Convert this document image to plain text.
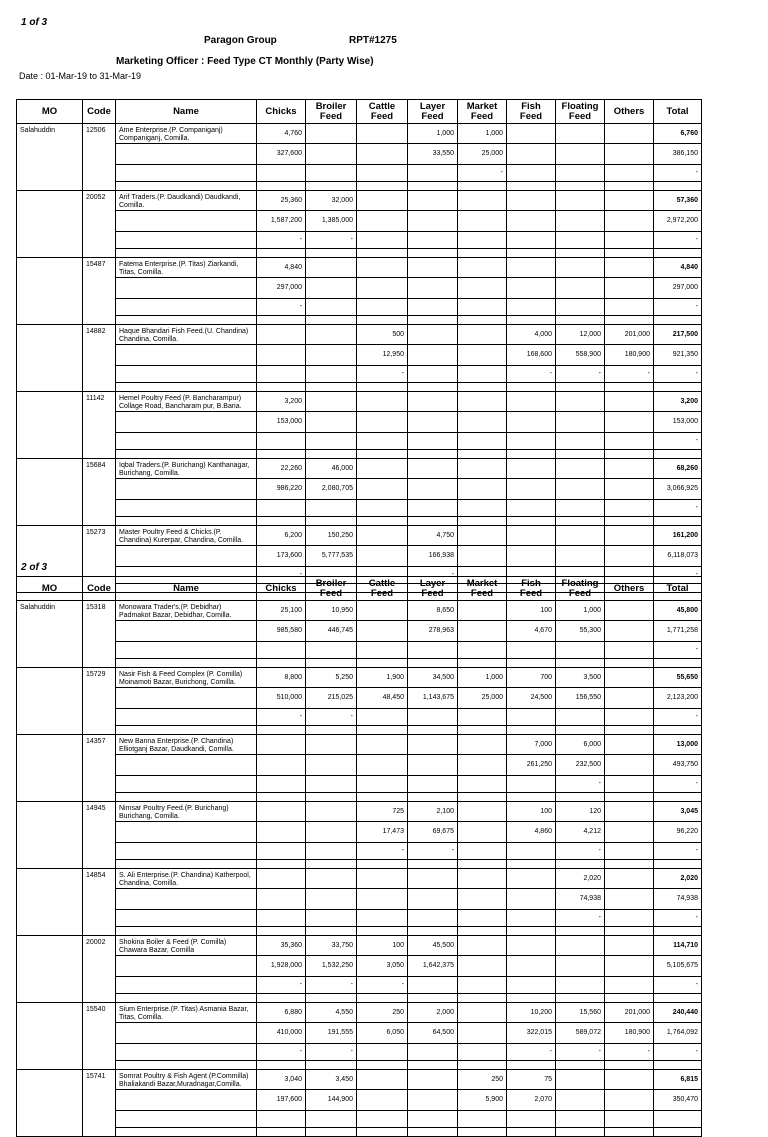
1 of 3
Paragon Group	RPT#1275
Marketing Officer : Feed Type CT Monthly (Party Wise)
Date : 01-Mar-19 to 31-Mar-19
MO	Code	Name	Chicks	Broiler Feed	Cattle Feed	Layer Feed	Market Feed	Fish Feed	Floating Feed	Others	Total
Salahuddin	12506	Ame Enterprise.(P. Companiganj) Companiganj, Comilla.	4,760			1,000	1,000				6,760
			327,600			33,550	25,000				386,150
							-				-

	20052	Arif Traders.(P. Daudkandi) Daudkandi, Comilla.	25,360	32,000							57,360
			1,587,200	1,385,000							2,972,200
			-	-							-

	15487	Fatema Enterprise.(P. Titas) Ziarkandi, Titas, Comilla.	4,840								4,840
			297,000								297,000
			-								-

	14882	Haque Bhandari Fish Feed.(U. Chandina) Chandina, Comilla.			500			4,000	12,000	201,000	217,500
					12,950			168,600	558,900	180,900	921,350
					-			-	-	-	-

	11142	Hemel Poultry Feed (P. Bancharampur) Collage Road, Bancharam pur, B.Baria.	3,200								3,200
			153,000								153,000
											-

	15684	Iqbal Traders.(P. Burichang) Kanthanagar, Burichang, Comilla.	22,260	46,000							68,260
			986,220	2,080,705							3,066,925
											-

	15273	Master Poultry Feed & Chicks.(P. Chandina) Kurerpar, Chandina, Comilla.	6,200	150,250		4,750					161,200
			173,600	5,777,535		166,938					6,118,073
			-			-					-

2 of 3
MO	Code	Name	Chicks	Broiler Feed	Cattle Feed	Layer Feed	Market Feed	Fish Feed	Floating Feed	Others	Total
Salahuddin	15318	Monowara Trader's.(P. Debidhar) Padmakot Bazar, Debidhar, Comilla.	25,100	10,950		8,650		100	1,000		45,800
			985,580	446,745		278,963		4,670	55,300		1,771,258
											-

	15729	Nasir Fish & Feed Complex (P. Comilla) Moinamoti Bazar, Burichong, Comilla.	8,800	5,250	1,900	34,500	1,000	700	3,500		55,650
			510,000	215,025	48,450	1,143,675	25,000	24,500	156,550		2,123,200
			-	-							-

	14357	New Banna Enterprise.(P. Chandina) Elliotganj Bazar, Daudkandi, Comilla.						7,000	6,000		13,000
								261,250	232,500		493,750
									-		-

	14945	Nimsar Poultry Feed.(P. Burichang) Burichang, Comilla.			725	2,100		100	120		3,045
					17,473	69,675		4,860	4,212		96,220
					-	-			-		-

	14854	S. Ali Enterprise.(P. Chandina) Katherpool, Chandina, Comilla.							2,020		2,020
									74,938		74,938
									-		-

	20002	Shokina Boiler & Feed (P. Comilla) Chawara Bazar, Comilla	35,360	33,750	100	45,500					114,710
			1,928,000	1,532,250	3,050	1,642,375					5,105,675
			-	-	-						-

	15540	Sium Enterprise.(P. Titas) Asmania Bazar, Titas, Comilla.	6,880	4,550	250	2,000		10,200	15,560	201,000	240,440
			410,000	191,555	6,050	64,500		322,015	589,072	180,900	1,764,092
			-	-				-	-	-	-

	15741	Somrat Poultry & Fish Agent (P.Commilla) Bhaliakandi Bazar,Muradnagar,Comilla.	3,040	3,450			250	75			6,815
			197,600	144,900			5,900	2,070			350,470
